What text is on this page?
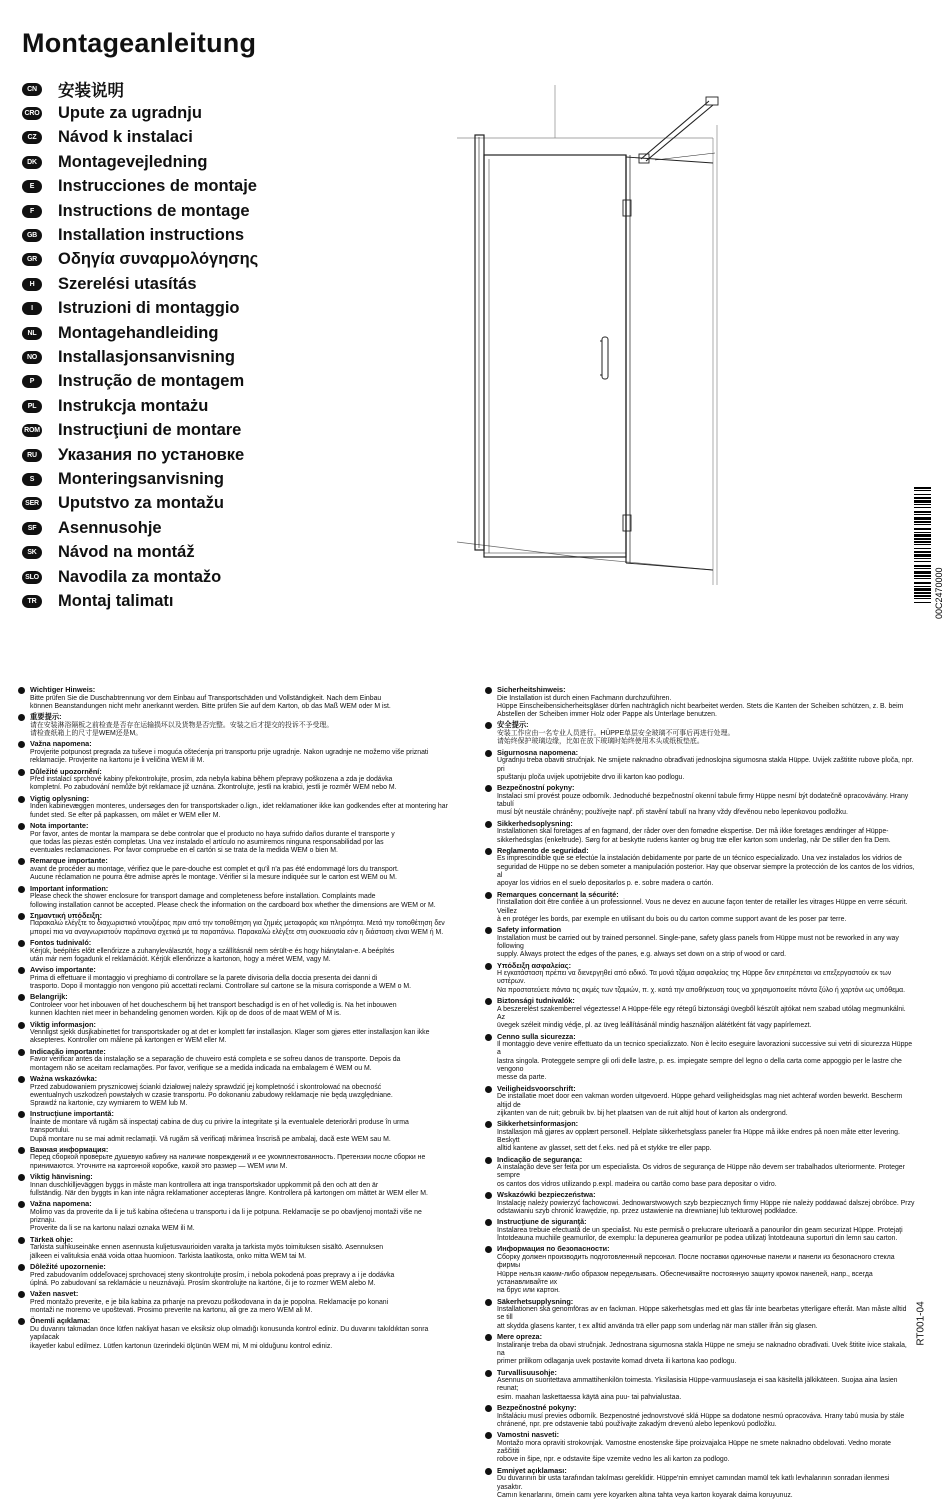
Montageanleitung
CN	安装说明
CRO Upute za ugradnju
CZ	Návod k instalaci
DK	Montagevejledning
E	Instrucciones de montaje
F	Instructions de montage
GB	Installation instructions
GR	Οδηγία συναρμολόγησης
H	Szerelési utasítás
I	Istruzioni di montaggio
NL	Montagehandleiding
NO	Installasjonsanvisning
P	Instrução de montagem
PL	Instrukcja montażu
ROM Instrucţiuni de montare
RU	Указания по установке
S	Monteringsanvisning
SER Uputstvo za montažu
SF	Asennusohje
SK	Návod na montáž
SLO Navodila za montažo
TR	Montaj talimatı	00C2470000
RT001-04
Wichtiger Hinweis:
Bitte prüfen Sie die Duschabtrennung vor dem Einbau auf Transportschäden und Vollständigkeit. Nach dem Einbau
können Beanstandungen nicht mehr anerkannt werden. Bitte prüfen Sie auf dem Karton, ob das Maß WEM oder M ist.
重要提示:
请在安装淋浴隔板之前检查是否存在运输损坏以及货物是否完整。安装之后才提交的投诉不予受理。
请检查纸箱上的尺寸是WEM还是M。
Važna napomena:
Provjerite potpunost pregrada za tuševe i moguća oštećenja pri transportu prije ugradnje. Nakon ugradnje ne možemo više priznati
reklamacije. Provjerite na kartonu je li veličina WEM ili M.
Důležité upozornění:
Před instalací sprchové kabiny překontrolujte, prosím, zda nebyla kabina během přepravy poškozena a zda je dodávka
kompletní. Po zabudování nemůže být reklamace již uznána. Zkontrolujte, jestli na krabici, jestli je rozměr WEM nebo M.
Vigtig oplysning:
Inden kabinevæggen monteres, undersøges den for transportskader o.lign., idet reklamationer ikke kan godkendes efter at montering har
fundet sted. Se efter på papkassen, om målet er WEM eller M.
Nota importante:
Por favor, antes de montar la mampara se debe controlar que el producto no haya sufrido daños durante el transporte y
que todas las piezas estén completas. Una vez instalado el artículo no asumiremos ninguna responsabilidad por las
eventuales reclamaciones. Por favor compruebe en el cartón si se trata de la medida WEM o bien M.
Remarque importante:
avant de procéder au montage, vérifiez que le pare-douche est complet et qu'il n'a pas été endommagé lors du transport.
Aucune réclamation ne pourra être admise après le montage. Vérifier si la mesure indiquée sur le carton est WEM ou M.
Important information:
Please check the shower enclosure for transport damage and completeness before installation. Complaints made
following installation cannot be accepted. Please check the information on the cardboard box whether the dimensions are WEM or M.
Σημαντική υπόδειξη:
Παρακαλώ ελέγξτε το διαχωριστικό ντουζιέρας πριν από την τοποθέτηση για ζημιές μεταφοράς και πληρότητα. Μετά την τοποθέτηση δεν
μπορεί πια να αναγνωριστούν παράπονα σχετικά με τα παραπάνω. Παρακαλώ ελέγξτε στη συσκευασία εάν η διάσταση είναι WEM ή M.
Fontos tudnivaló:
Kérjük, beépítés előtt ellenőrizze a zuhanyleválasztót, hogy a szállításnál nem sérült-e és hogy hiánytalan-e. A beépítés
után már nem fogadunk el reklamációt. Kérjük ellenőrizze a kartonon, hogy a méret WEM, vagy M.
Avviso importante:
Prima di effettuare il montaggio vi preghiamo di controllare se la parete divisoria della doccia presenta dei danni di
trasporto. Dopo il montaggio non vengono più accettati reclami. Controllare sul cartone se la misura corrisponde a WEM o M.
Belangrijk:
Controleer voor het inbouwen of het douchescherm bij het transport beschadigd is en of het volledig is. Na het inbouwen
kunnen klachten niet meer in behandeling genomen worden. Kijk op de doos of de maat WEM of M is.
Viktig informasjon:
Vennligst sjekk dusjkabinettet for transportskader og at det er komplett før installasjon. Klager som gjøres etter installasjon kan ikke
aksepteres. Kontroller om målene på kartongen er WEM eller M.
Indicação importante:
Favor verificar antes da instalação se a separação de chuveiro está completa e se sofreu danos de transporte. Depois da
montagem não se aceitam reclamações. Por favor, verifique se a medida indicada na embalagem é WEM ou M.
Ważna wskazówka:
Przed zabudowaniem prysznicowej ścianki działowej należy sprawdzić jej kompletność i skontrolować na obecność
ewentualnych uszkodzeń powstałych w czasie transportu. Po dokonaniu zabudowy reklamacje nie będą uwzględniane.
Sprawdź na kartonie, czy wymiarem to WEM lub M.
Instrucţiune importantă:
Înainte de montare vă rugăm să inspectaţi cabina de duş cu privire la integritate şi la eventualele deteriorări produse în urma transportului.
După montare nu se mai admit reclamaţii. Vă rugăm să verificaţi mărimea înscrisă pe ambalaj, dacă este WEM sau M.
Важная информация:
Перед сборкой проверьте душевую кабину на наличие повреждений и ее укомплектованность. Претензии после сборки не
принимаются. Уточните на картонной коробке, какой это размер — WEM или M.
Viktig hänvisning:
Innan duschkilljeväggen byggs in måste man kontrollera att inga transportskador uppkommit på den och att den är
fullständig. När den byggts in kan inte några reklamationer accepteras längre. Kontrollera på kartongen om måttet är WEM eller M.
Važna napomena:
Molimo vas da proverite da li je tuš kabina oštećena u transportu i da li je potpuna. Reklamacije se po obavljenoj montaži više ne priznaju.
Proverite da li se na kartonu nalazi oznaka WEM ili M.
Tärkeä ohje:
Tarkista suihkuseinäke ennen asennusta kuljetusvaurioiden varalta ja tarkista myös toimituksen sisältö. Asennuksen
jälkeen ei valituksia enää voida ottaa huomioon. Tarkista laatikosta, onko mitta WEM tai M.
Dôležité upozornenie:
Pred zabudovaním oddeľovacej sprchovacej steny skontrolujte prosím, i nebola pokodená poas prepravy a i je dodávka
úplná. Po zabudovaní sa reklamácie u neuznávajú. Prosím skontrolujte na kartóne, či je to rozmer WEM alebo M.
Važen nasvet:
Pred montažo preverite, e je bila kabina za prhanje na prevozu poškodovana in da je popolna. Reklamacije po konani
montaži ne moremo ve upoštevati. Prosimo preverite na kartonu, ali gre za mero WEM ali M.
Önemli açıklama:
Du duvarını takmadan önce lütfen nakliyat hasarı ve eksiksiz olup olmadığı konusunda kontrol ediniz. Du duvarını takıldıktan sonra yapılacak
ikayetler kabul edilmez. Lütfen kartonun üzerindeki ölçünün WEM mi, M mi olduğunu kontrol ediniz.
Sicherheitshinweis:
Die Installation ist durch einen Fachmann durchzuführen.
Hüppe Einscheibensicherheitsgläser dürfen nachträglich nicht bearbeitet werden. Stets die Kanten der Scheiben schützen, z. B. beim
Abstellen der Scheiben immer Holz oder Pappe als Unterlage benutzen.
安全提示:
安装工作应由一名专业人员进行。HÜPPE单层安全玻璃不可事后再进行处理。
请始终保护玻璃边缘，比如在放下玻璃时始终使用木头或纸板垫底。
Sigurnosna napomena:
Ugradnju treba obaviti stručnjak. Ne smijete naknadno obrađivati jednoslojna sigurnosna stakla Hüppe. Uvijek zaštitite rubove ploča, npr. pri
spuštanju ploča uvijek upotrijebite drvo ili karton kao podlogu.
Bezpečnostní pokyny:
Instalaci smí provést pouze odborník. Jednoduché bezpečnostní okenní tabule firmy Hüppe nesmí být dodatečně opracovávány. Hrany tabulí
musí být neustále chráněny; používejte např. při stavění tabulí na hrany vždy dřevěnou nebo lepenkovou podložku.
Sikkerhedsoplysning:
Installationen skal foretages af en fagmand, der råder over den fornødne ekspertise. Der må ikke foretages ændringer af Hüppe-
sikkerhedsglas (enkeltrude). Sørg for at beskytte rudens kanter og brug træ eller karton som underlag, når De stiller den fra Dem.
Reglamento de seguridad:
Es imprescindible que se efectúe la instalación debidamente por parte de un técnico especializado. Una vez instalados los vidrios de
seguridad de Hüppe no se deben someter a manipulación posterior. Hay que observar siempre la protección de los cantos de los vidrios, al
apoyar los vidrios en el suelo depositarlos p. e. sobre madera o cartón.
Remarques concernant la sécurité:
l'installation doit être confiée à un professionnel. Vous ne devez en aucune façon tenter de retailler les vitrages Hüppe en verre sécurit. Veillez
à en protéger les bords, par exemple en utilisant du bois ou du carton comme support avant de les poser par terre.
Safety information
Installation must be carried out by trained personnel. Single-pane, safety glass panels from Hüppe must not be reworked in any way following
supply. Always protect the edges of the panes, e.g. always set down on a strip of wood or card.
Υπόδειξη ασφαλείας:
Η εγκατάσταση πρέπει να διενεργηθεί από ειδικό. Τα μονά τζάμια ασφαλείας της Hüppe δεν επιτρέπεται να επεξεργαστούν εκ των υστέρων.
Να προστατεύετε πάντα τις ακμές των τζαμιών, π. χ. κατά την αποθήκευση τους να χρησιμοποιείτε πάντα ξύλο ή χαρτόνι ως υπόθεμα.
Biztonsági tudnivalók:
A beszerelést szakemberrel végeztesse! A Hüppe-féle egy rétegű biztonsági üvegből készült ajtókat nem szabad utólag megmunkálni. Az
üvegek széleit mindig védje, pl. az üveg leállításánál mindig használjon alátétként fát vagy papírlemezt.
Cenno sulla sicurezza:
Il montaggio deve venire effettuato da un tecnico specializzato. Non è lecito eseguire lavorazioni successive sui vetri di sicurezza Hüppe a
lastra singola. Proteggete sempre gli orli delle lastre, p. es. impiegate sempre del legno o della carta come appoggio per le lastre che vengono
messe da parte.
Veiligheidsvoorschrift:
De installatie moet door een vakman worden uitgevoerd. Hüppe gehard veiligheidsglas mag niet achteraf worden bewerkt. Bescherm altijd de
zijkanten van de ruit; gebruik bv. bij het plaatsen van de ruit altijd hout of karton als ondergrond.
Sikkerhetsinformasjon:
Installasjon må gjøres av opplært personell. Helplate sikkerhetsglass paneler fra Hüppe må ikke endres på noen måte etter levering. Beskytt
alltid kantene av glasset, sett det f.eks. ned på et stykke tre eller papp.
Indicação de segurança:
A instalação deve ser feita por um especialista. Os vidros de segurança de Hüppe não devem ser trabalhados ulteriormente. Proteger sempre
os cantos dos vidros utilizando p.expl. madeira ou cartão como base para depositar o vidro.
Wskazówki bezpieczeństwa:
Instalację należy powierzyć fachowcowi. Jednowarstwowych szyb bezpiecznych firmy Hüppe nie należy poddawać dalszej obróbce. Przy
odstawianiu szyb chronić krawędzie, np. przez ustawienie na drewnianej lub tekturowej podkładce.
Instrucţiune de siguranţă:
Instalarea trebuie efectuată de un specialist. Nu este permisă o prelucrare ulterioară a panourilor din geam securizat Hüppe. Protejaţi
întotdeauna muchiile geamurilor, de exemplu: la depunerea geamurilor pe podea utilizaţi întotdeauna suporturi din lemn sau carton.
Информация по безопасности:
Сборку должен производить подготовленный персонал. После поставки одиночные панели и панели из безопасного стекла фирмы
Hüppe нельзя каким-либо образом переделывать. Обеспечивайте постоянную защиту кромок панелей, напр., всегда устанавливайте их
на брус или картон.
Säkerhetsupplysning:
Installationen ska genomföras av en fackman. Hüppe säkerhetsglas med ett glas får inte bearbetas ytterligare efteråt. Man måste alltid se till
att skydda glasens kanter, t ex alltid använda trä eller papp som underlag när man ställer ifrån sig glasen.
Mere opreza:
Instaliranje treba da obavi stručnjak. Jednostrana sigurnosna stakla Hüppe ne smeju se naknadno obrađivati. Uvek štitite ivice stakala, na
primer prilikom odlaganja uvek postavite komad drveta ili kartona kao podlogu.
Turvallisuusohje:
Asennus on suoritettava ammattihenkilön toimesta. Yksilasisia Hüppe-varmuuslaseja ei saa käsitellä jälkikäteen. Suojaa aina lasien reunat;
esim. maahan laskettaessa käytä aina puu- tai pahvialustaa.
Bezpečnostné pokyny:
Inštaláciu musí previes odborník. Bezpenostné jednovrstvové sklá Hüppe sa dodatone nesmú opracováva. Hrany tabú musia by stále
chránené, npr. pre odstavenie tabú používajte zakadým drevenú alebo lepenkovú podložku.
Vamostni nasveti:
Montažo mora opraviti strokovnjak. Vamostne enostenske šipe proizvajalca Hüppe ne smete naknadno obdelovati. Vedno morate zaščititi
robove in šipe, npr. e odstavite šipe vzemite vedno les ali karton za podlogo.
Emniyet açıklaması:
Du duvarının bir usta tarafından takılması gereklidir. Hüppe'nin emniyet camından mamül tek katlı levhalarının sonradan ilenmesi yasaktır.
Camın kenarlarını, örnein camı yere koyarken altına tahta veya karton koyarak daima koruyunuz.
